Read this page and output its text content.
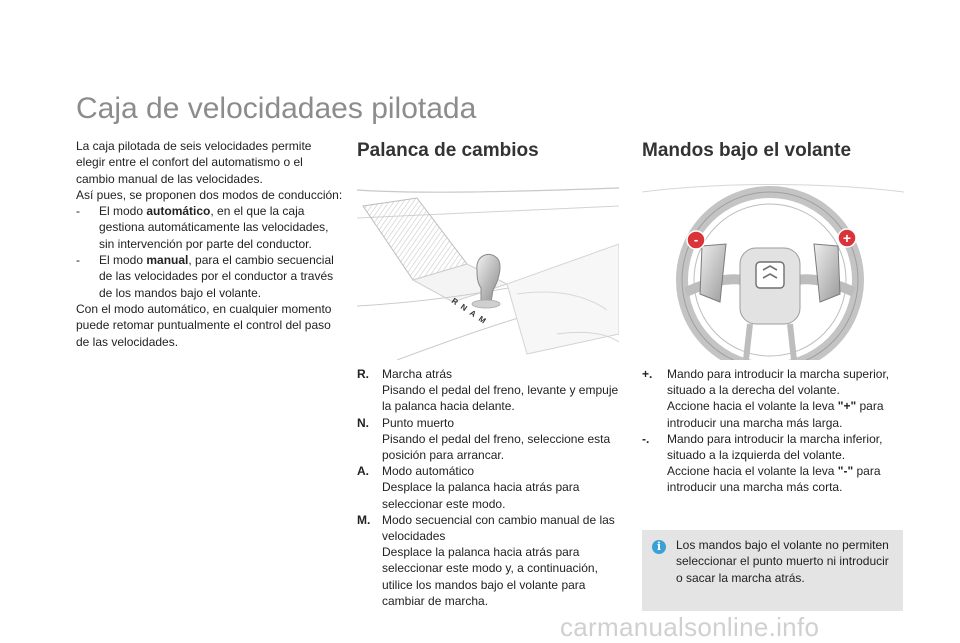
Caja de velocidadaes pilotada

La caja pilotada de seis velocidades permite elegir entre el confort del automatismo o el cambio manual de las velocidades.

Así pues, se proponen dos modos de conducción:

- El modo automático, en el que la caja gestiona automáticamente las velocidades, sin intervención por parte del conductor.
- El modo manual, para el cambio secuencial de las velocidades por el conductor a través de los mandos bajo el volante.

Con el modo automático, en cualquier momento puede retomar puntualmente el control del paso de las velocidades.

Palanca de cambios
R
N
A
M
R. Marcha atrás
Pisando el pedal del freno, levante y empuje la palanca hacia delante.
N. Punto muerto
Pisando el pedal del freno, seleccione esta posición para arrancar.
A. Modo automático
Desplace la palanca hacia atrás para seleccionar este modo.
M. Modo secuencial con cambio manual de las velocidades
Desplace la palanca hacia atrás para seleccionar este modo y, a continuación, utilice los mandos bajo el volante para cambiar de marcha.
Mandos bajo el volante
-	+
+. Mando para introducir la marcha superior, situado a la derecha del volante.
Accione hacia el volante la leva "+" para introducir una marcha más larga.
-. Mando para introducir la marcha inferior, situado a la izquierda del volante.
Accione hacia el volante la leva "-" para introducir una marcha más corta.
i	Los mandos bajo el volante no permiten seleccionar el punto muerto ni introducir o sacar la marcha atrás.
carmanualsonline.info
